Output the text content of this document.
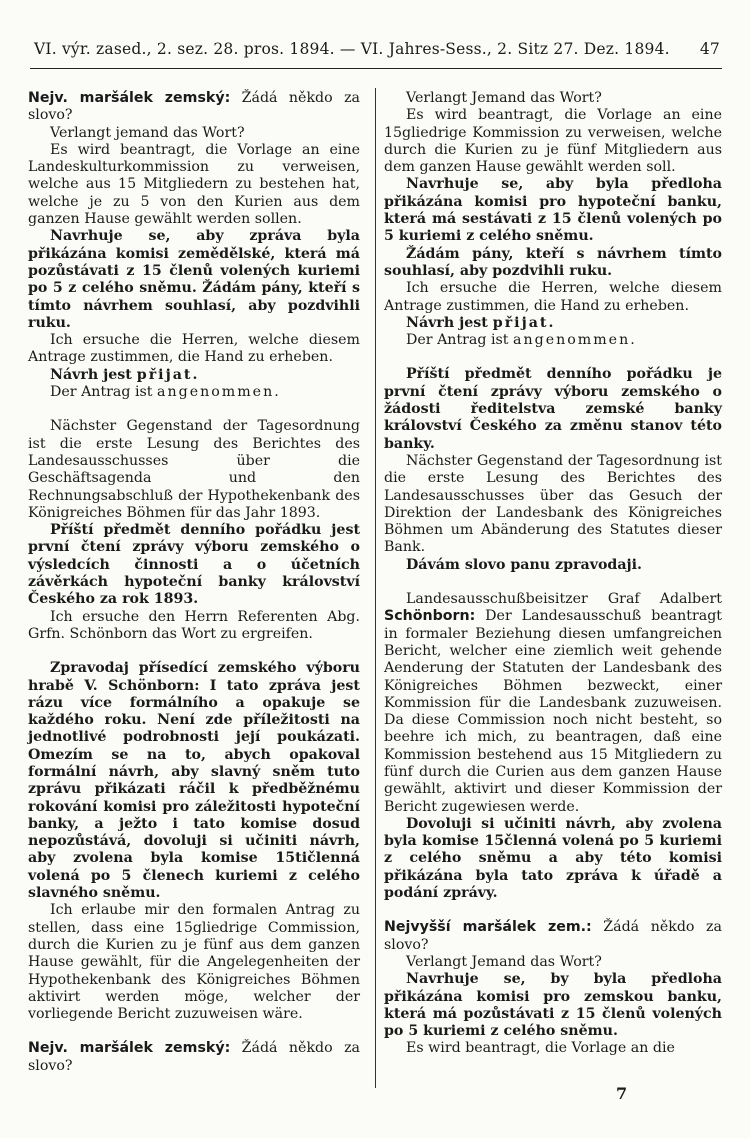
VI. výr. zased., 2. sez. 28. pros. 1894. — VI. Jahres-Sess., 2. Sitz 27. Dez. 1894. 47

Nejv. maršálek zemský: Žádá někdo za slovo?

Verlangt jemand das Wort?

Es wird beantragt, die Vorlage an eine Landeskulturkommission zu verweisen, welche aus 15 Mitgliedern zu bestehen hat, welche je zu 5 von den Kurien aus dem ganzen Hause gewählt werden sollen.

Navrhuje se, aby zpráva byla přikázána komisi zemědělské, která má pozůstávati z 15 členů volených kuriemi po 5 z celého sněmu. Žádám pány, kteří s tímto návrhem souhlasí, aby pozdvihli ruku.

Ich ersuche die Herren, welche diesem Antrage zustimmen, die Hand zu erheben.

Návrh jest přijat.

Der Antrag ist angenommen.

Nächster Gegenstand der Tagesordnung ist die erste Lesung des Berichtes des Landesausschusses über die Geschäftsagenda und den Rechnungsabschluß der Hypothekenbank des Königreiches Böhmen für das Jahr 1893.

Příští předmět denního pořádku jest první čtení zprávy výboru zemského o výsledcích činnosti a o účetních závěrkách hypoteční banky království Českého za rok 1893.

Ich ersuche den Herrn Referenten Abg. Grfn. Schönborn das Wort zu ergreifen.

Zpravodaj přísedící zemského výboru hrabě V. Schönborn: I tato zpráva jest rázu více formálního a opakuje se každého roku. Není zde příležitosti na jednotlivé podrobnosti její poukázati. Omezím se na to, abych opakoval formální návrh, aby slavný sněm tuto zprávu přikázati ráčil k předběžnému rokování komisi pro záležitosti hypoteční banky, a ježto i tato komise dosud nepozůstává, dovoluji si učiniti návrh, aby zvolena byla komise 15tičlenná volená po 5 členech kuriemi z celého slavného sněmu.

Ich erlaube mir den formalen Antrag zu stellen, dass eine 15gliedrige Commission, durch die Kurien zu je fünf aus dem ganzen Hause gewählt, für die Angelegenheiten der Hypothekenbank des Königreiches Böhmen aktivirt werden möge, welcher der vorliegende Bericht zuzuweisen wäre.

Nejv. maršálek zemský: Žádá někdo za slovo?

Verlangt Jemand das Wort?

Es wird beantragt, die Vorlage an eine 15gliedrige Kommission zu verweisen, welche durch die Kurien zu je fünf Mitgliedern aus dem ganzen Hause gewählt werden soll.

Navrhuje se, aby byla předloha přikázána komisi pro hypoteční banku, která má sestávati z 15 členů volených po 5 kuriemi z celého sněmu.

Žádám pány, kteří s návrhem tímto souhlasí, aby pozdvihli ruku.

Ich ersuche die Herren, welche diesem Antrage zustimmen, die Hand zu erheben.

Návrh jest přijat.

Der Antrag ist angenommen.

Příští předmět denního pořádku je první čtení zprávy výboru zemského o žádosti ředitelstva zemské banky království Českého za změnu stanov této banky.

Nächster Gegenstand der Tagesordnung ist die erste Lesung des Berichtes des Landesausschusses über das Gesuch der Direktion der Landesbank des Königreiches Böhmen um Abänderung des Statutes dieser Bank.

Dávám slovo panu zpravodaji.

Landesausschußbeisitzer Graf Adalbert Schönborn: Der Landesausschuß beantragt in formaler Beziehung diesen umfangreichen Bericht, welcher eine ziemlich weit gehende Aenderung der Statuten der Landesbank des Königreiches Böhmen bezweckt, einer Kommission für die Landesbank zuzuweisen. Da diese Commission noch nicht besteht, so beehre ich mich, zu beantragen, daß eine Kommission bestehend aus 15 Mitgliedern zu fünf durch die Curien aus dem ganzen Hause gewählt, aktivirt und dieser Kommission der Bericht zugewiesen werde.

Dovoluji si učiniti návrh, aby zvolena byla komise 15členná volená po 5 kuriemi z celého sněmu a aby této komisi přikázána byla tato zpráva k úřadě a podání zprávy.

Nejvyšší maršálek zem.: Žádá někdo za slovo?

Verlangt Jemand das Wort?

Navrhuje se, by byla předloha přikázána komisi pro zemskou banku, která má pozůstávati z 15 členů volených po 5 kuriemi z celého sněmu.

Es wird beantragt, die Vorlage an die

7
